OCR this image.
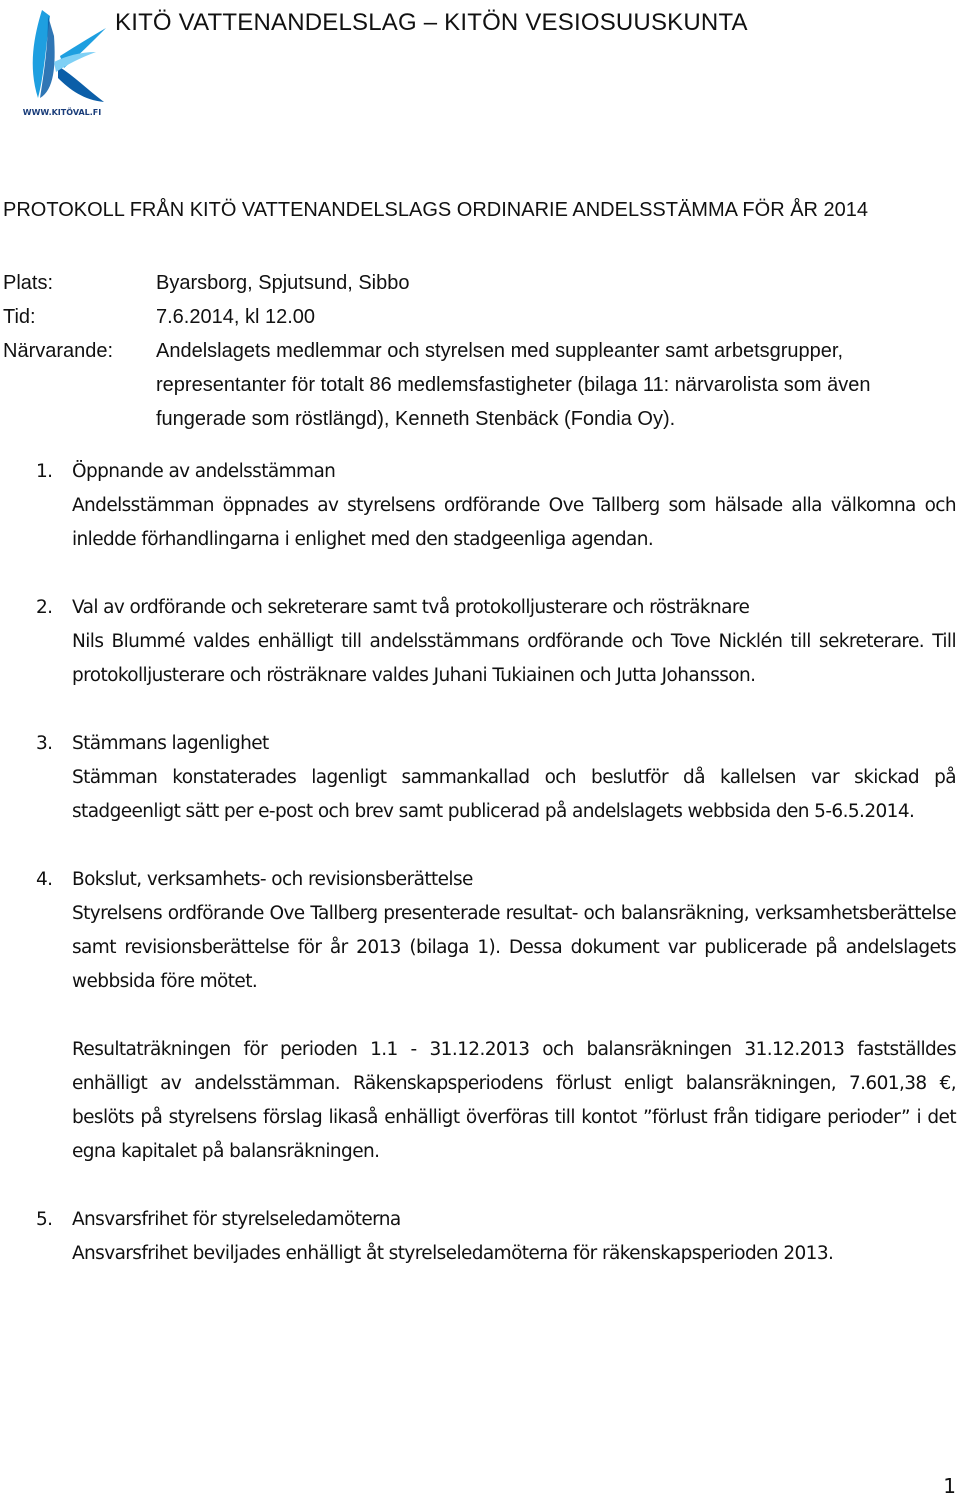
WWW.KITÖVAL.FI
KITÖ VATTENANDELSLAG – KITÖN VESIOSUUSKUNTA
PROTOKOLL FRÅN KITÖ VATTENANDELSLAGS ORDINARIE ANDELSSTÄMMA FÖR ÅR 2014
Plats:	Byarsborg, Spjutsund, Sibbo
Tid:	7.6.2014, kl 12.00
Närvarande:	Andelslagets medlemmar och styrelsen med suppleanter samt arbetsgrupper, representanter för totalt 86 medlemsfastigheter (bilaga 11: närvarolista som även fungerade som röstlängd), Kenneth Stenbäck (Fondia Oy).
1.	Öppnande av andelsstämman

Andelsstämman öppnades av styrelsens ordförande Ove Tallberg som hälsade alla välkomna och inledde förhandlingarna i enlighet med den stadgeenliga agendan.

2.	Val av ordförande och sekreterare samt två protokolljusterare och rösträknare

Nils Blummé valdes enhälligt till andelsstämmans ordförande och Tove Nicklén till sekreterare. Till protokolljusterare och rösträknare valdes Juhani Tukiainen och Jutta Johansson.

3.	Stämmans lagenlighet

Stämman konstaterades lagenligt sammankallad och beslutför då kallelsen var skickad på stadgeenligt sätt per e-post och brev samt publicerad på andelslagets webbsida den 5-6.5.2014.

4.	Bokslut, verksamhets- och revisionsberättelse

Styrelsens ordförande Ove Tallberg presenterade resultat- och balansräkning, verksamhetsberättelse samt revisionsberättelse för år 2013 (bilaga 1). Dessa dokument var publicerade på andelslagets webbsida före mötet.

Resultaträkningen för perioden 1.1 - 31.12.2013 och balansräkningen 31.12.2013 fastställdes enhälligt av andelsstämman. Räkenskapsperiodens förlust enligt balansräkningen, 7.601,38 €, beslöts på styrelsens förslag likaså enhälligt överföras till kontot ”förlust från tidigare perioder” i det egna kapitalet på balansräkningen.

5.	Ansvarsfrihet för styrelseledamöterna

Ansvarsfrihet beviljades enhälligt åt styrelseledamöterna för räkenskapsperioden 2013.

1
